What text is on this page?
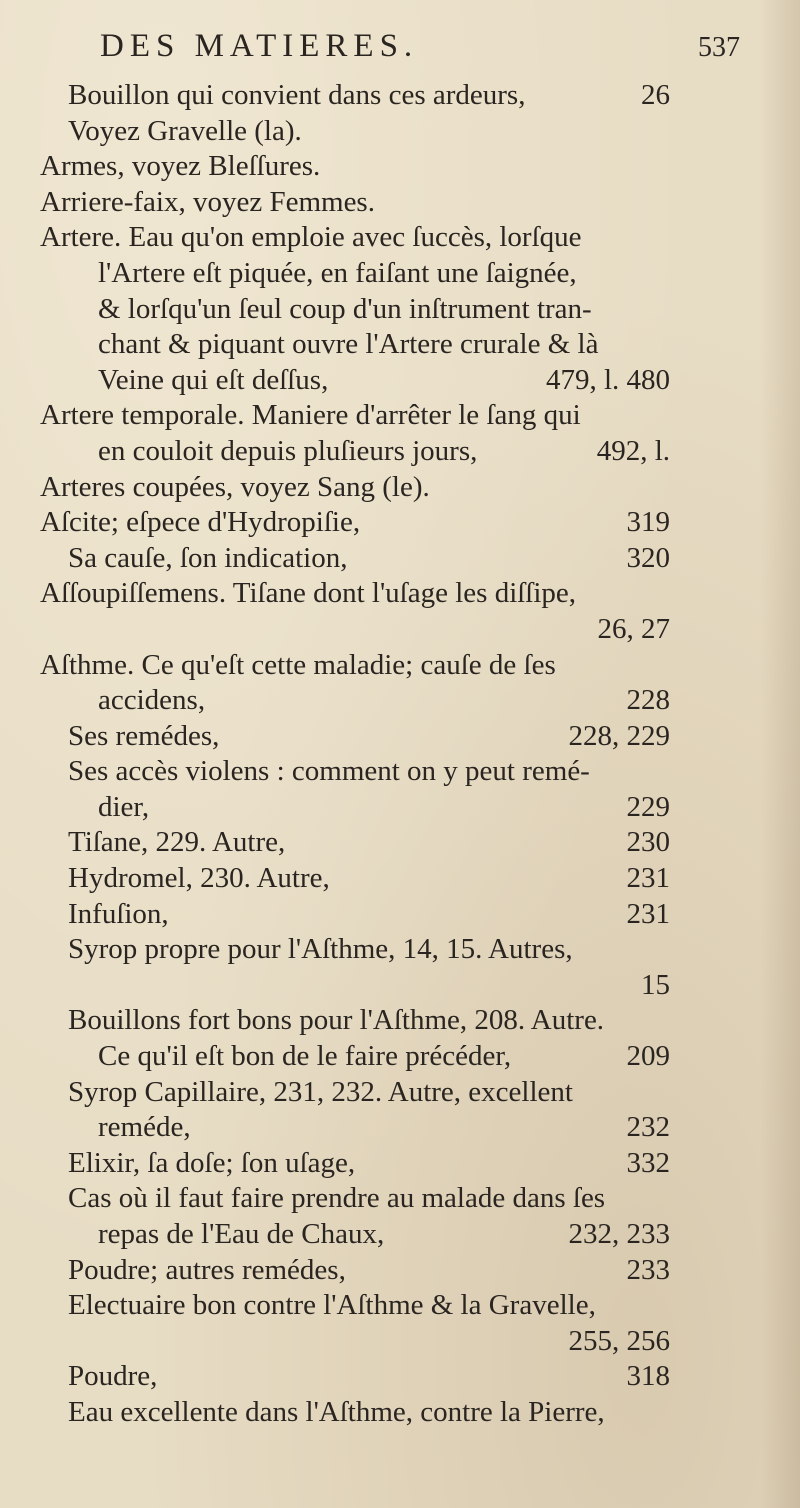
DES MATIERES.	537
Bouillon qui convient dans ces ardeurs,	26
Voyez Gravelle (la).
Armes, voyez Bleſſures.
Arriere-faix, voyez Femmes.
Artere. Eau qu'on emploie avec ſuccès, lorſque
l'Artere eſt piquée, en faiſant une ſaignée,
& lorſqu'un ſeul coup d'un inſtrument tran-
chant & piquant ouvre l'Artere crurale & là
Veine qui eſt deſſus,	479, l. 480
Artere temporale. Maniere d'arrêter le ſang qui
en couloit depuis pluſieurs jours,	492, l.
Arteres coupées, voyez Sang (le).
Aſcite; eſpece d'Hydropiſie,	319
Sa cauſe, ſon indication,	320
Aſſoupiſſemens. Tiſane dont l'uſage les diſſipe,
26, 27
Aſthme. Ce qu'eſt cette maladie; cauſe de ſes
accidens,	228
Ses remédes,	228, 229
Ses accès violens : comment on y peut remé-
dier,	229
Tiſane, 229. Autre,	230
Hydromel, 230. Autre,	231
Infuſion,	231
Syrop propre pour l'Aſthme, 14, 15. Autres,
15
Bouillons fort bons pour l'Aſthme, 208. Autre.
Ce qu'il eſt bon de le faire précéder,	209
Syrop Capillaire, 231, 232. Autre, excellent
reméde,	232
Elixir, ſa doſe; ſon uſage,	332
Cas où il faut faire prendre au malade dans ſes
repas de l'Eau de Chaux,	232, 233
Poudre; autres remédes,	233
Electuaire bon contre l'Aſthme & la Gravelle,
255, 256
Poudre,	318
Eau excellente dans l'Aſthme, contre la Pierre,
